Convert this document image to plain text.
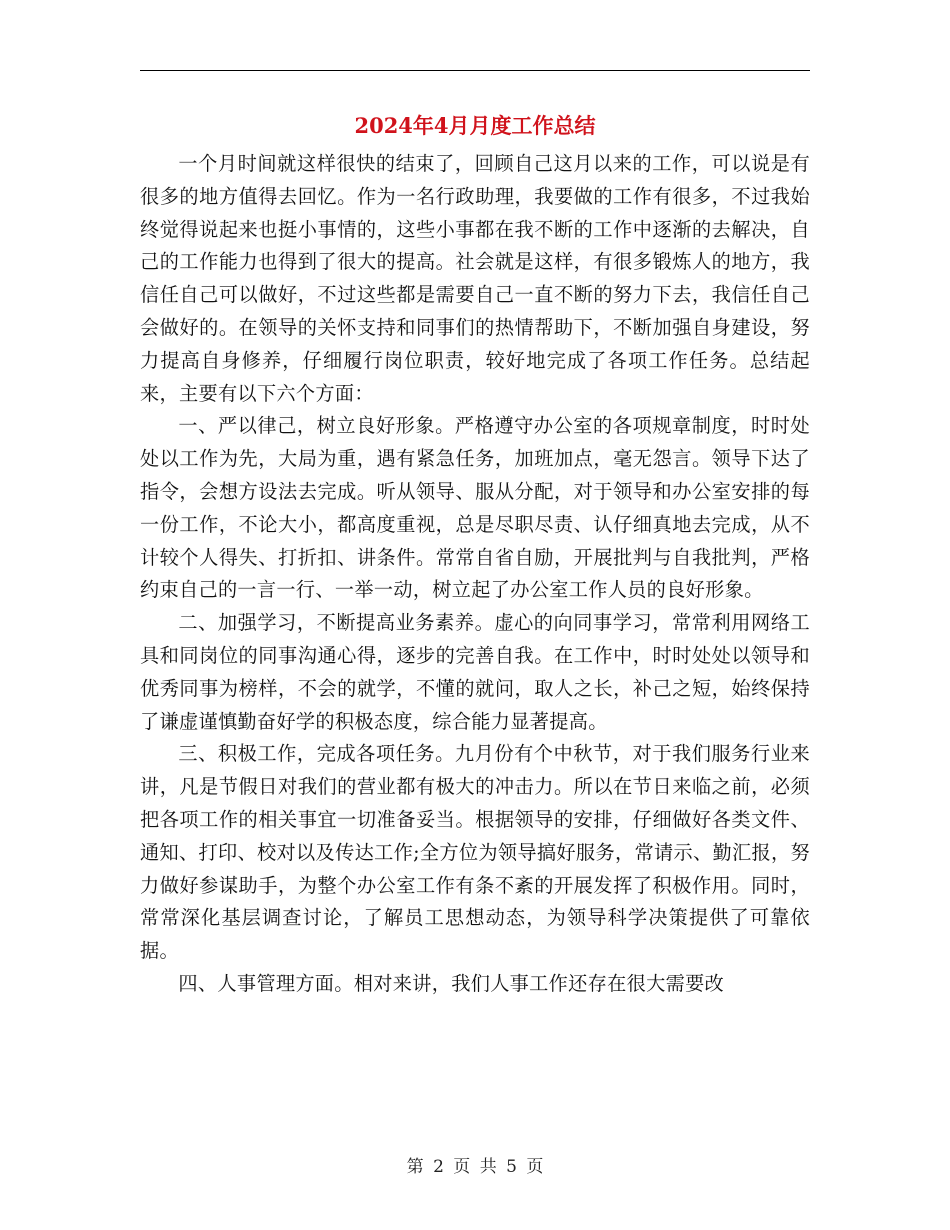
2024年4月月度工作总结

一个月时间就这样很快的结束了，回顾自己这月以来的工作，可以说是有很多的地方值得去回忆。作为一名行政助理，我要做的工作有很多，不过我始终觉得说起来也挺小事情的，这些小事都在我不断的工作中逐渐的去解决，自己的工作能力也得到了很大的提高。社会就是这样，有很多锻炼人的地方，我信任自己可以做好，不过这些都是需要自己一直不断的努力下去，我信任自己会做好的。在领导的关怀支持和同事们的热情帮助下，不断加强自身建设，努力提高自身修养，仔细履行岗位职责，较好地完成了各项工作任务。总结起来，主要有以下六个方面：

一、严以律己，树立良好形象。严格遵守办公室的各项规章制度，时时处处以工作为先，大局为重，遇有紧急任务，加班加点，毫无怨言。领导下达了指令，会想方设法去完成。听从领导、服从分配，对于领导和办公室安排的每一份工作，不论大小，都高度重视，总是尽职尽责、认仔细真地去完成，从不计较个人得失、打折扣、讲条件。常常自省自励，开展批判与自我批判，严格约束自己的一言一行、一举一动，树立起了办公室工作人员的良好形象。

二、加强学习，不断提高业务素养。虚心的向同事学习，常常利用网络工具和同岗位的同事沟通心得，逐步的完善自我。在工作中，时时处处以领导和优秀同事为榜样，不会的就学，不懂的就问，取人之长，补己之短，始终保持了谦虚谨慎勤奋好学的积极态度，综合能力显著提高。

三、积极工作，完成各项任务。九月份有个中秋节，对于我们服务行业来讲，凡是节假日对我们的营业都有极大的冲击力。所以在节日来临之前，必须把各项工作的相关事宜一切准备妥当。根据领导的安排，仔细做好各类文件、通知、打印、校对以及传达工作;全方位为领导搞好服务，常请示、勤汇报，努力做好参谋助手，为整个办公室工作有条不紊的开展发挥了积极作用。同时，常常深化基层调查讨论，了解员工思想动态，为领导科学决策提供了可靠依据。

四、人事管理方面。相对来讲，我们人事工作还存在很大需要改

第 2 页 共 5 页
